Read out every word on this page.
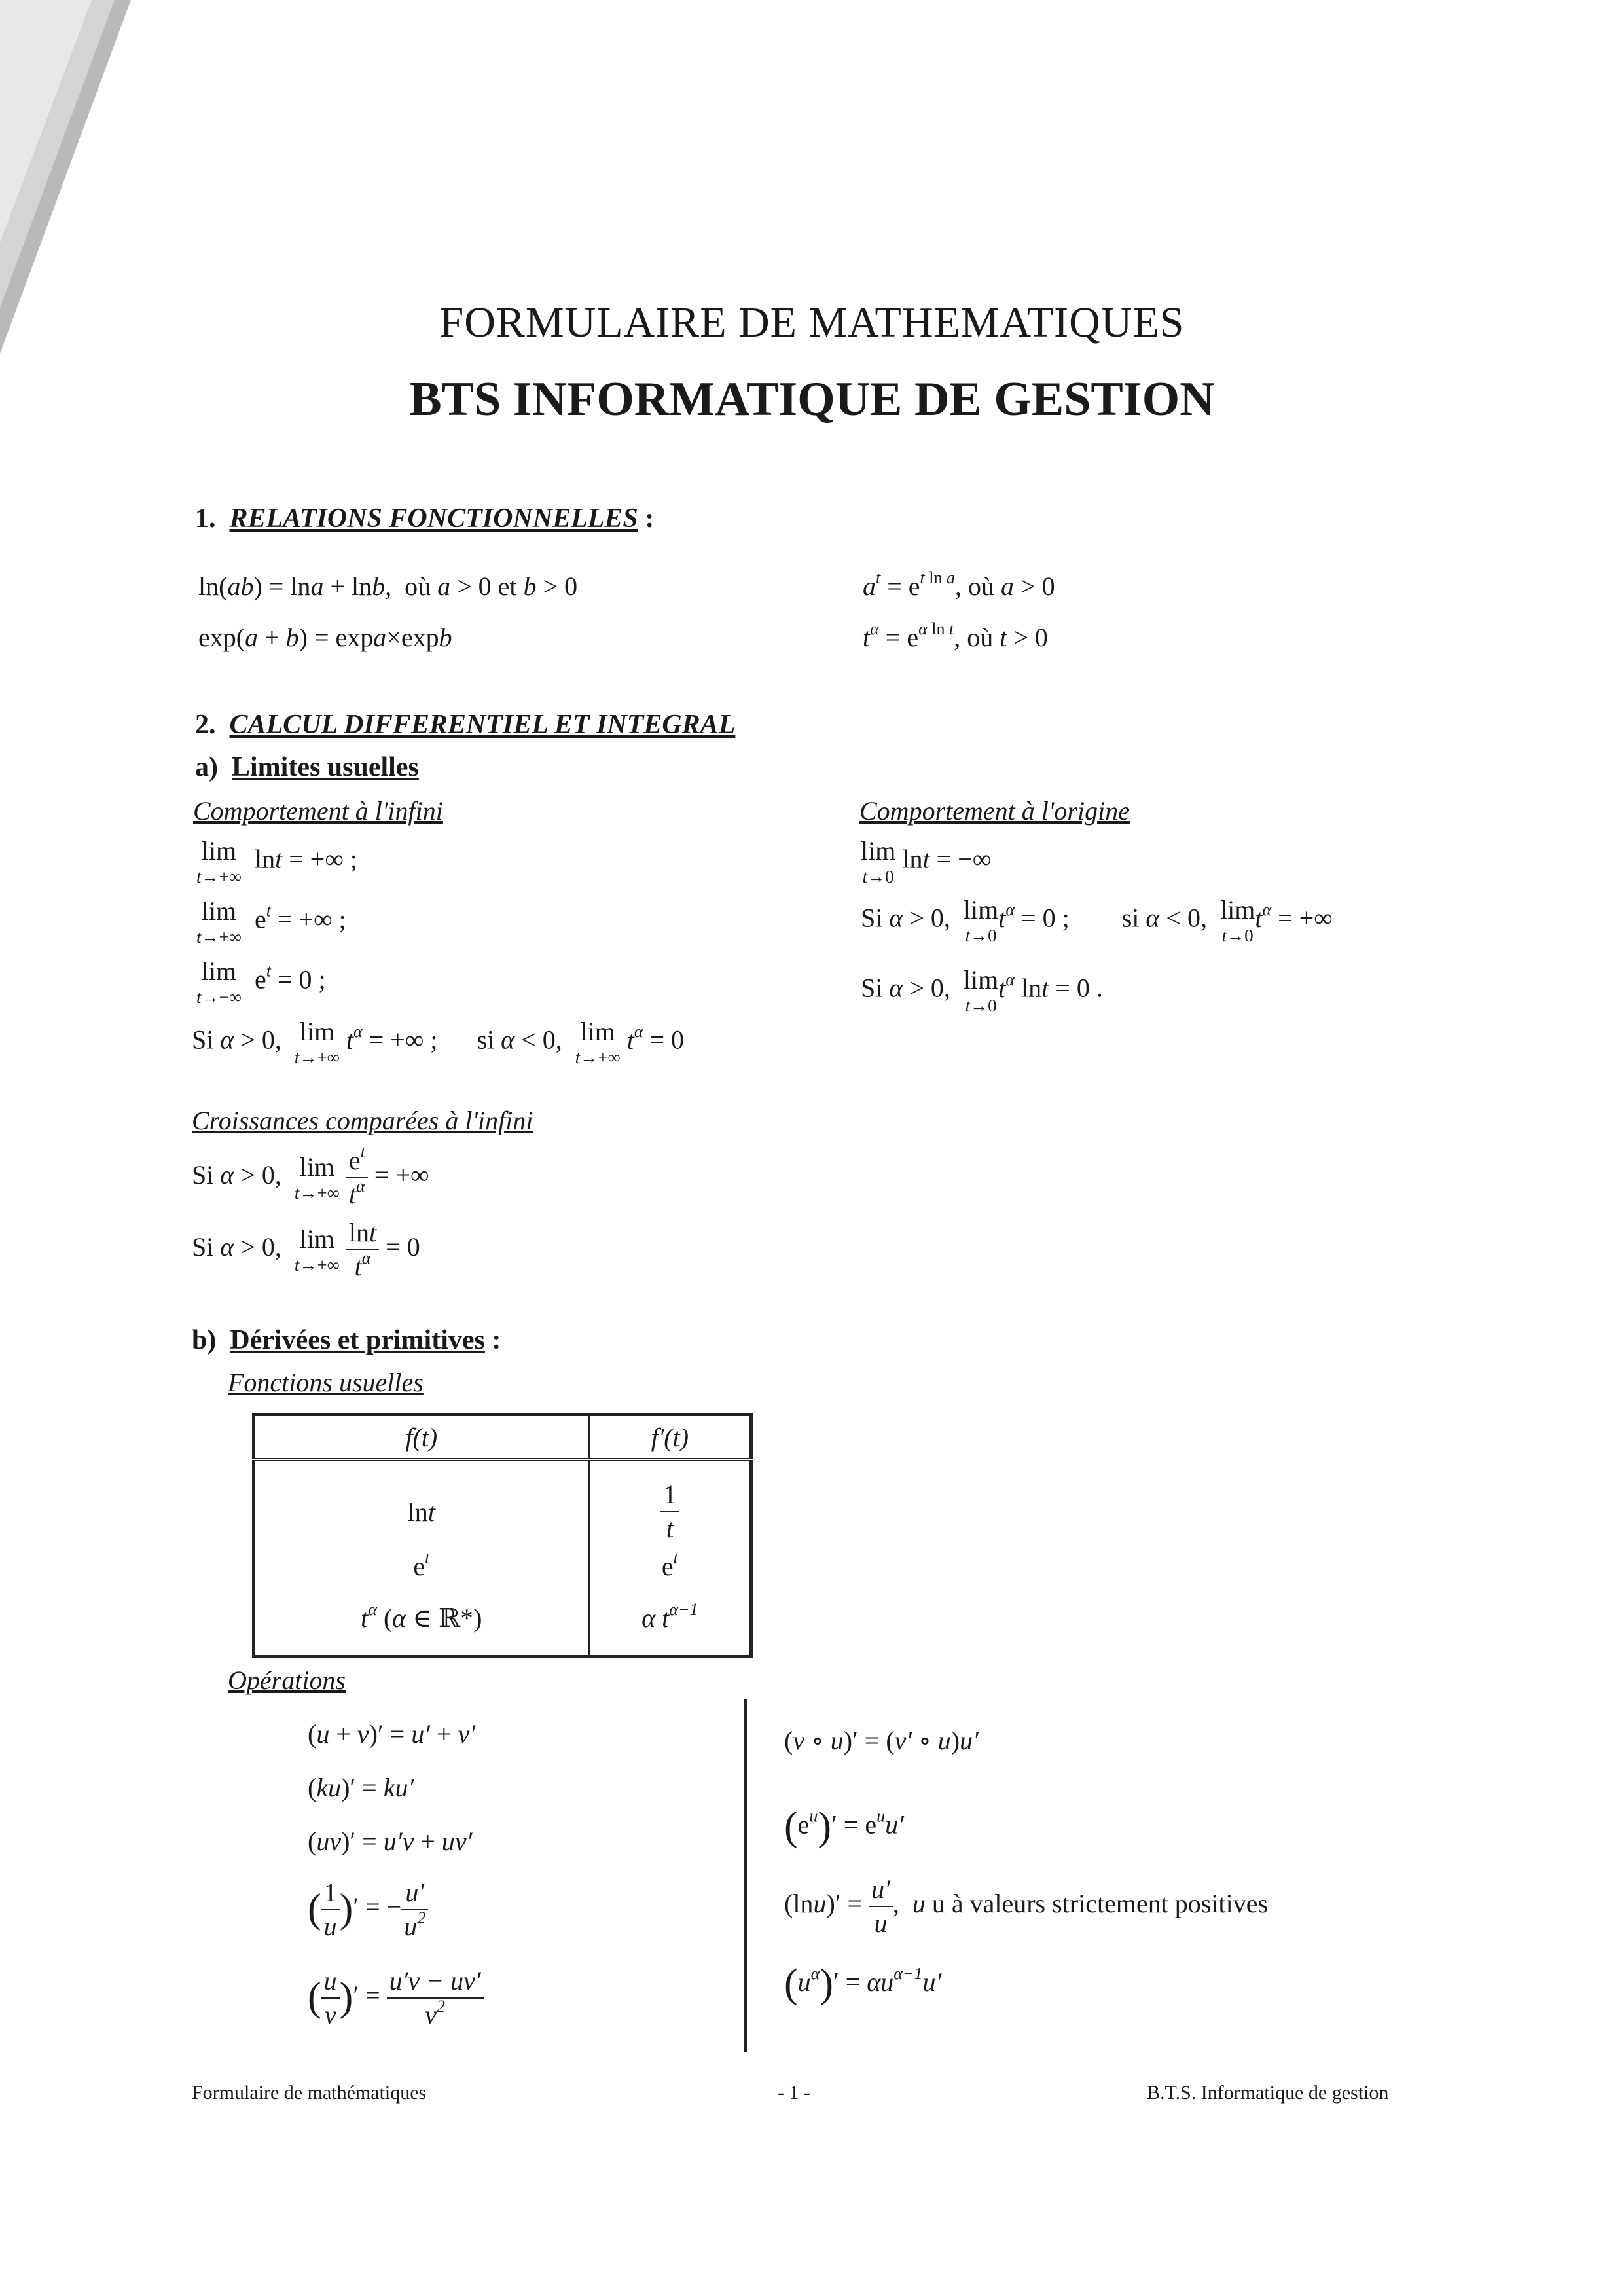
FORMULAIRE DE MATHEMATIQUES
BTS INFORMATIQUE DE GESTION
1. RELATIONS FONCTIONNELLES :
ln(ab) = lna + lnb,  où a > 0 et b > 0
exp(a + b) = expa×expb
$a^t = e^{t ln a}$, où a > 0
$t^\alpha = e^{\alpha ln t}$, où t > 0
2. CALCUL DIFFERENTIEL ET INTEGRAL
a) Limites usuelles
Comportement à l'infini	Comportement à l'origine
lim
t→+∞
lnt = +∞ ;
lim
t→+∞
$e^t$ = +∞ ;
lim
t→−∞
$e^t = 0$ ;
Si α > 0, lim
t→+∞
$t^\alpha$ = +∞ ;      si α < 0, lim
t→+∞
$t^\alpha = 0$
lim
t→0
lnt = −∞
Si α > 0, lim
t→0
$t^\alpha = 0$ ;        si α < 0, lim
t→0
$t^\alpha$ = +∞
Si α > 0, lim
t→0
$t^\alpha$ lnt = 0 .
Croissances comparées à l'infini
Si α > 0, lim
t→+∞
$\frac{e^t}{t^\alpha}$ = +∞
Si α > 0, lim
t→+∞
$\frac{\ln t}{t^\alpha} = 0$
b) Dérivées et primitives :
Fonctions usuelles
f(t)	f'(t)
lnt	$\frac{1}{t}$

$e^t$	$e^t$
$t^\alpha$ (α ∈ ℝ*)	α $t^{\alpha-1}$
Opérations
(u + v)′ = u′ + v′
(ku)′ = ku′
(uv)′ = u′v + uv′
( $\frac{1}{u}$ )′ = − $\frac{u'}{u^2}$
( $\frac{u}{v}$ )′ = $\frac{u'v - uv'}{v^2}$
(v ∘ u)′ = (v′ ∘ u)u′
$(e^u)' = e^uu'$
$(\ln u)' = \frac{u'}{u}$ ,  u u à valeurs strictement positives
$(u^\alpha)' = \alpha u^{\alpha-1}u'$
Formulaire de mathématiques	- 1 -	B.T.S. Informatique de gestion
